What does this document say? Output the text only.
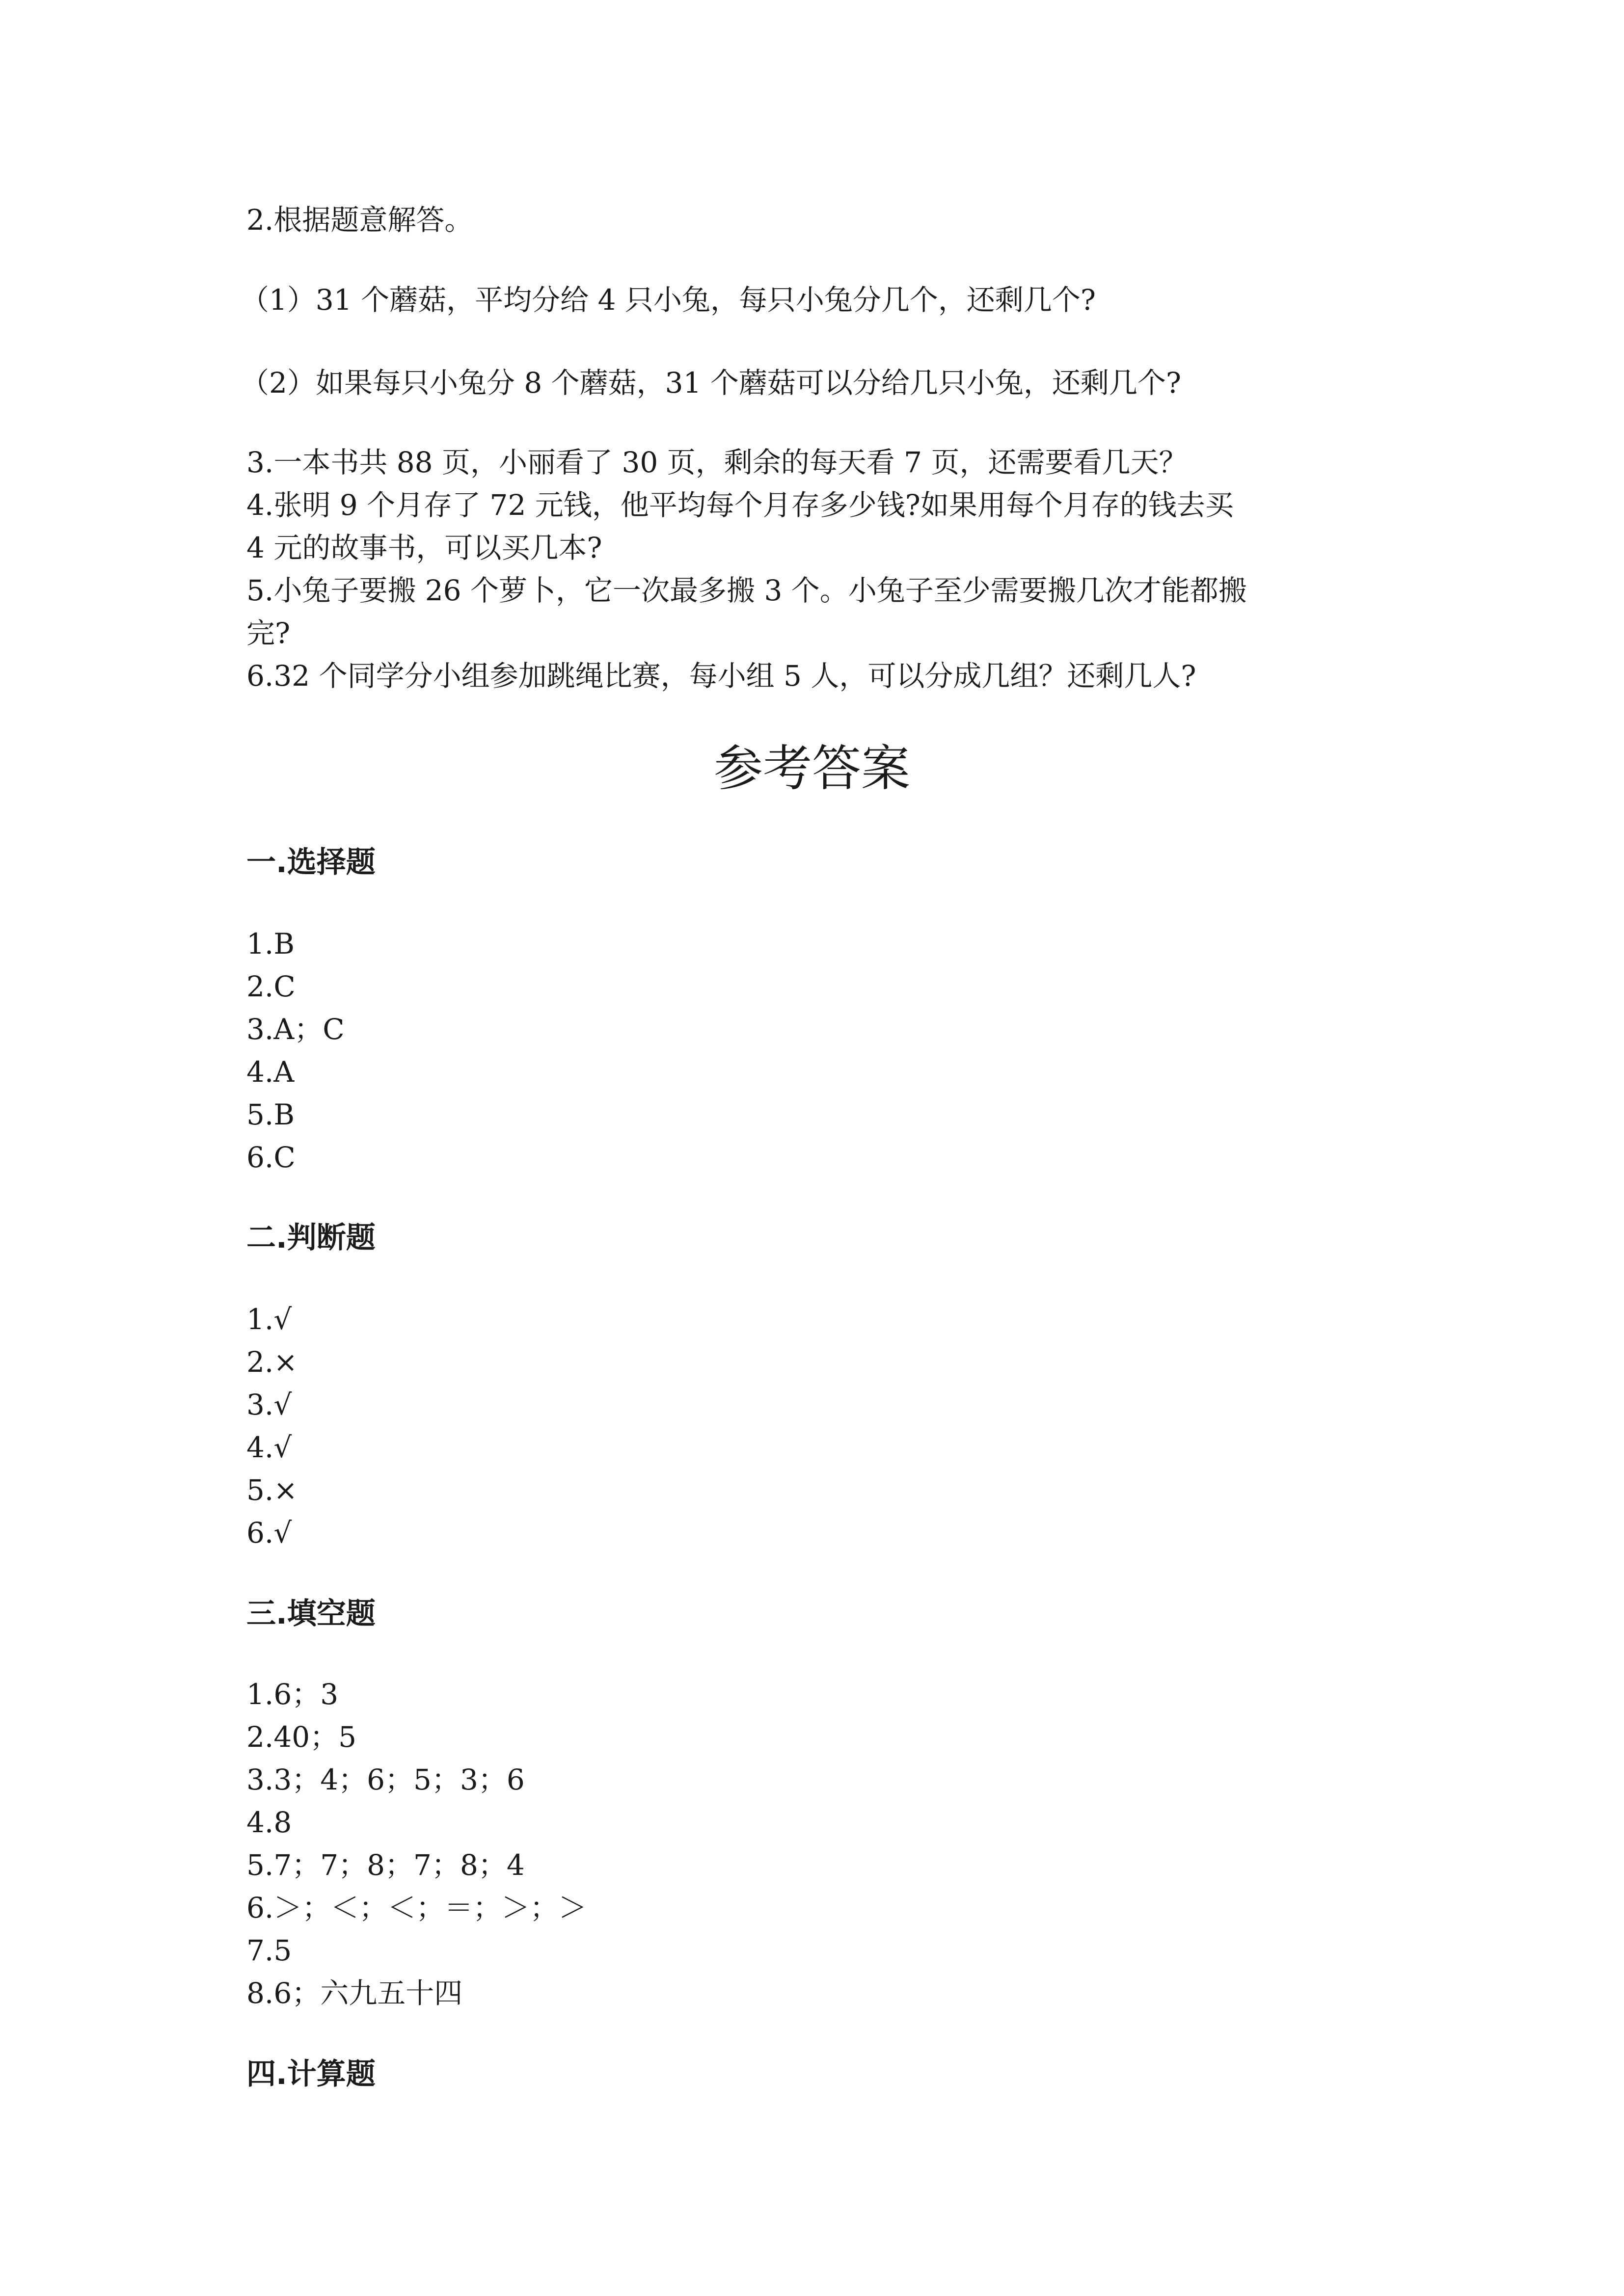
2.根据题意解答。
（1）31 个蘑菇，平均分给 4 只小兔，每只小兔分几个，还剩几个?
（2）如果每只小兔分 8 个蘑菇，31 个蘑菇可以分给几只小兔，还剩几个?
3.一本书共 88 页，小丽看了 30 页，剩余的每天看 7 页，还需要看几天？
4.张明 9 个月存了 72 元钱，他平均每个月存多少钱?如果用每个月存的钱去买
4 元的故事书，可以买几本?
5.小兔子要搬 26 个萝卜，它一次最多搬 3 个。小兔子至少需要搬几次才能都搬
完?
6.32 个同学分小组参加跳绳比赛，每小组 5 人，可以分成几组？还剩几人?
参考答案
一.选择题
1.B
2.C
3.A；C
4.A
5.B
6.C
二.判断题
1.√
2.×
3.√
4.√
5.×
6.√
三.填空题
1.6；3
2.40；5
3.3；4；6；5；3；6
4.8
5.7；7；8；7；8；4
6.＞；＜；＜；＝；＞；＞
7.5
8.6；六九五十四
四.计算题
